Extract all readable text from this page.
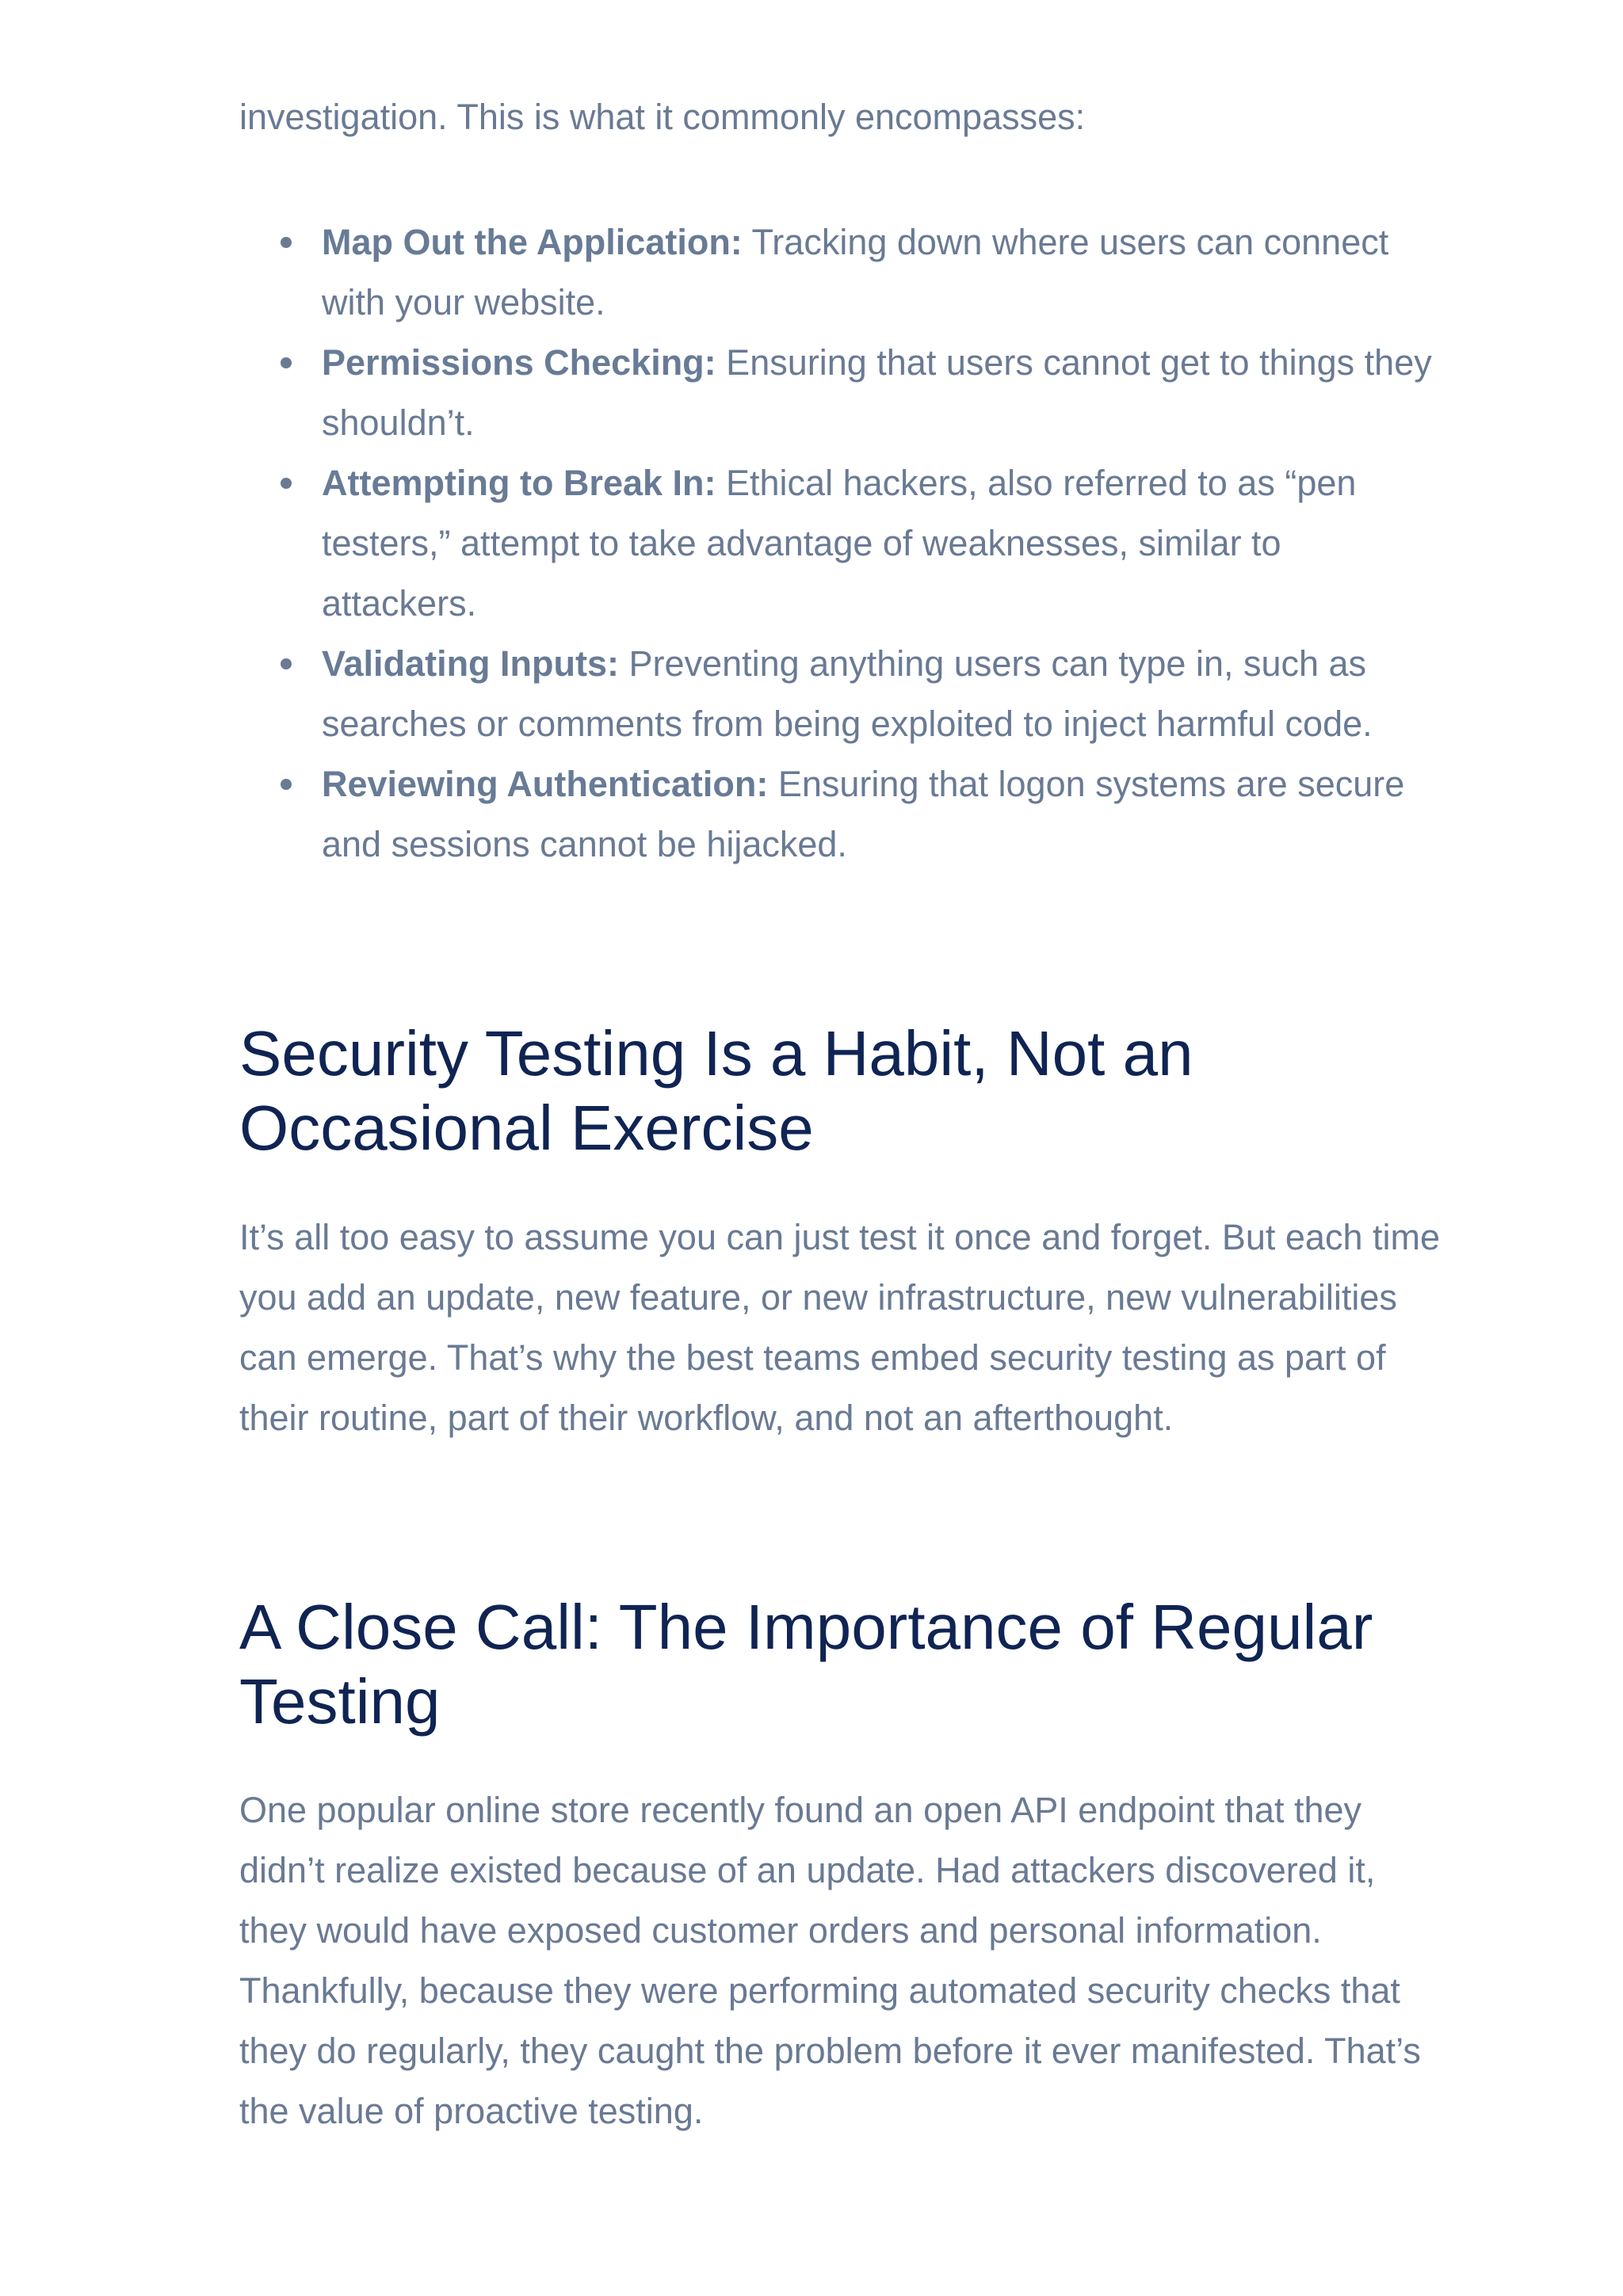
investigation. This is what it commonly encompasses:

Map Out the Application: Tracking down where users can connect with your website.
Permissions Checking: Ensuring that users cannot get to things they shouldn’t.
Attempting to Break In: Ethical hackers, also referred to as “pen testers,” attempt to take advantage of weaknesses, similar to attackers.
Validating Inputs: Preventing anything users can type in, such as searches or comments from being exploited to inject harmful code.
Reviewing Authentication: Ensuring that logon systems are secure and sessions cannot be hijacked.
Security Testing Is a Habit, Not an Occasional Exercise

It’s all too easy to assume you can just test it once and forget. But each time you add an update, new feature, or new infrastructure, new vulnerabilities can emerge. That’s why the best teams embed security testing as part of their routine, part of their workflow, and not an afterthought.

A Close Call: The Importance of Regular Testing

One popular online store recently found an open API endpoint that they didn’t realize existed because of an update. Had attackers discovered it, they would have exposed customer orders and personal information. Thankfully, because they were performing automated security checks that they do regularly, they caught the problem before it ever manifested. That’s the value of proactive testing.
